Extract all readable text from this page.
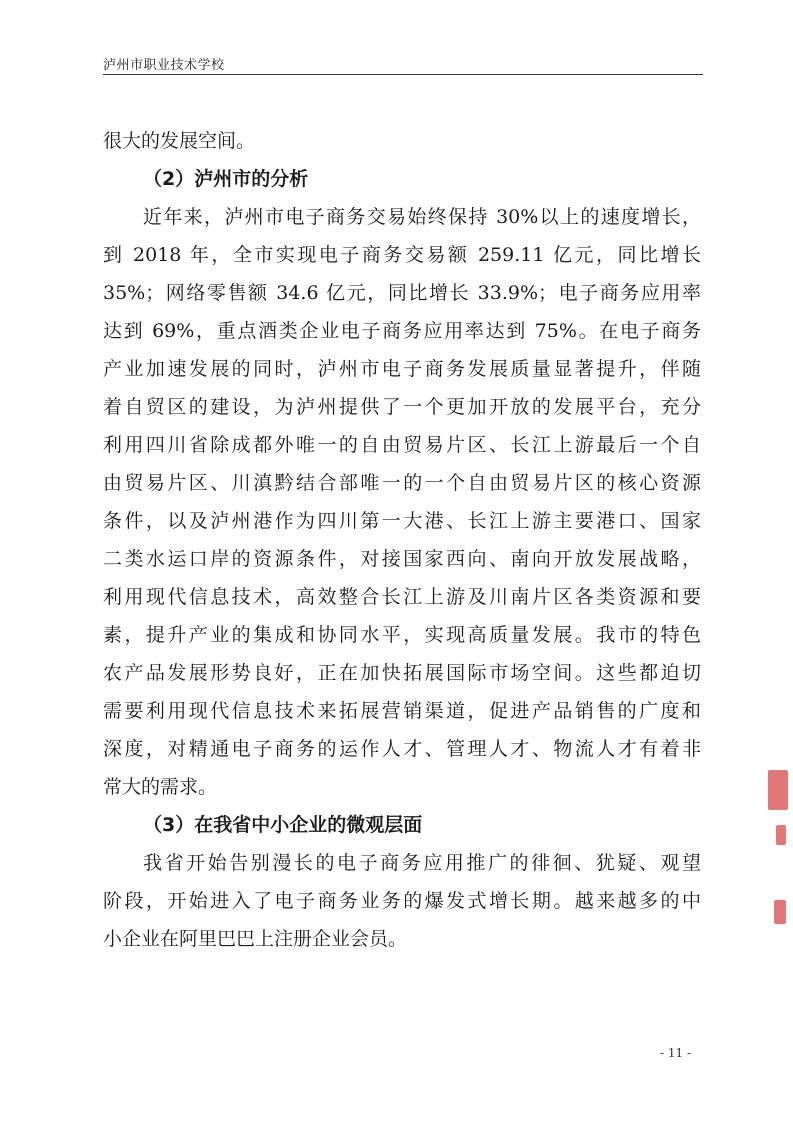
泸州市职业技术学校
很大的发展空间。
（2）泸州市的分析
近年来，泸州市电子商务交易始终保持 30%以上的速度增长，
到 2018 年，全市实现电子商务交易额 259.11 亿元，同比增长
35%；网络零售额 34.6 亿元，同比增长 33.9%；电子商务应用率
达到 69%，重点酒类企业电子商务应用率达到 75%。在电子商务
产业加速发展的同时，泸州市电子商务发展质量显著提升，伴随
着自贸区的建设，为泸州提供了一个更加开放的发展平台，充分
利用四川省除成都外唯一的自由贸易片区、长江上游最后一个自
由贸易片区、川滇黔结合部唯一的一个自由贸易片区的核心资源
条件，以及泸州港作为四川第一大港、长江上游主要港口、国家
二类水运口岸的资源条件，对接国家西向、南向开放发展战略，
利用现代信息技术，高效整合长江上游及川南片区各类资源和要
素，提升产业的集成和协同水平，实现高质量发展。我市的特色
农产品发展形势良好，正在加快拓展国际市场空间。这些都迫切
需要利用现代信息技术来拓展营销渠道，促进产品销售的广度和
深度，对精通电子商务的运作人才、管理人才、物流人才有着非
常大的需求。
（3）在我省中小企业的微观层面
我省开始告别漫长的电子商务应用推广的徘徊、犹疑、观望
阶段，开始进入了电子商务业务的爆发式增长期。越来越多的中
小企业在阿里巴巴上注册企业会员。
- 11 -
